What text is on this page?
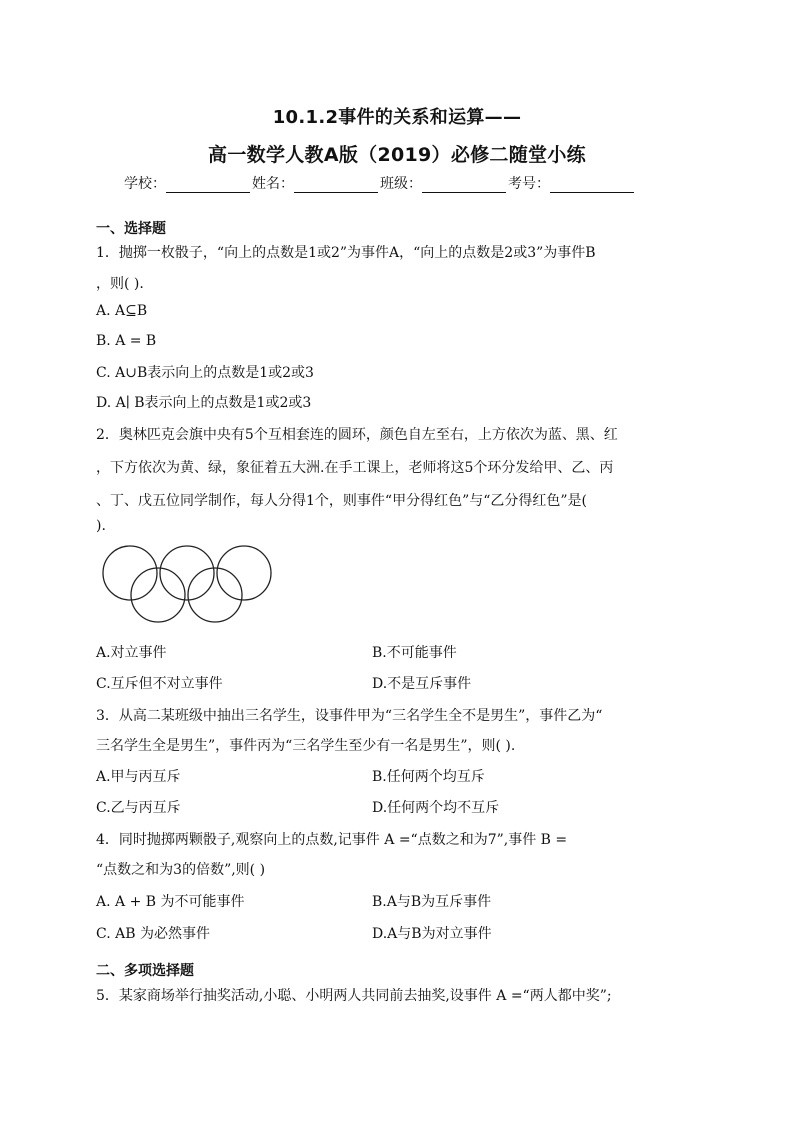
10.1.2事件的关系和运算——
高一数学人教A版（2019）必修二随堂小练
学校：	姓名：	班级：	考号：
一、选择题
1．抛掷一枚骰子，“向上的点数是1或2”为事件A，“向上的点数是2或3”为事件B
，则( ).
A. A⊆B
B. A = B
C. A∪B表示向上的点数是1或2或3
D. A∣ B表示向上的点数是1或2或3
2．奥林匹克会旗中央有5个互相套连的圆环，颜色自左至右，上方依次为蓝、黑、红
，下方依次为黄、绿，象征着五大洲.在手工课上，老师将这5个环分发给甲、乙、丙
、丁、戊五位同学制作，每人分得1个，则事件“甲分得红色”与“乙分得红色”是(
).
A.对立事件	B.不可能事件
C.互斥但不对立事件	D.不是互斥事件
3．从高二某班级中抽出三名学生，设事件甲为“三名学生全不是男生”，事件乙为“
三名学生全是男生”，事件丙为“三名学生至少有一名是男生”，则( ).
A.甲与丙互斥	B.任何两个均互斥
C.乙与丙互斥	D.任何两个均不互斥
4．同时抛掷两颗骰子,观察向上的点数,记事件 A =“点数之和为7”,事件 B =
“点数之和为3的倍数”,则( )
A. A + B 为不可能事件	B.A与B为互斥事件
C. AB 为必然事件	D.A与B为对立事件
二、多项选择题
5．某家商场举行抽奖活动,小聪、小明两人共同前去抽奖,设事件 A =“两人都中奖”;
